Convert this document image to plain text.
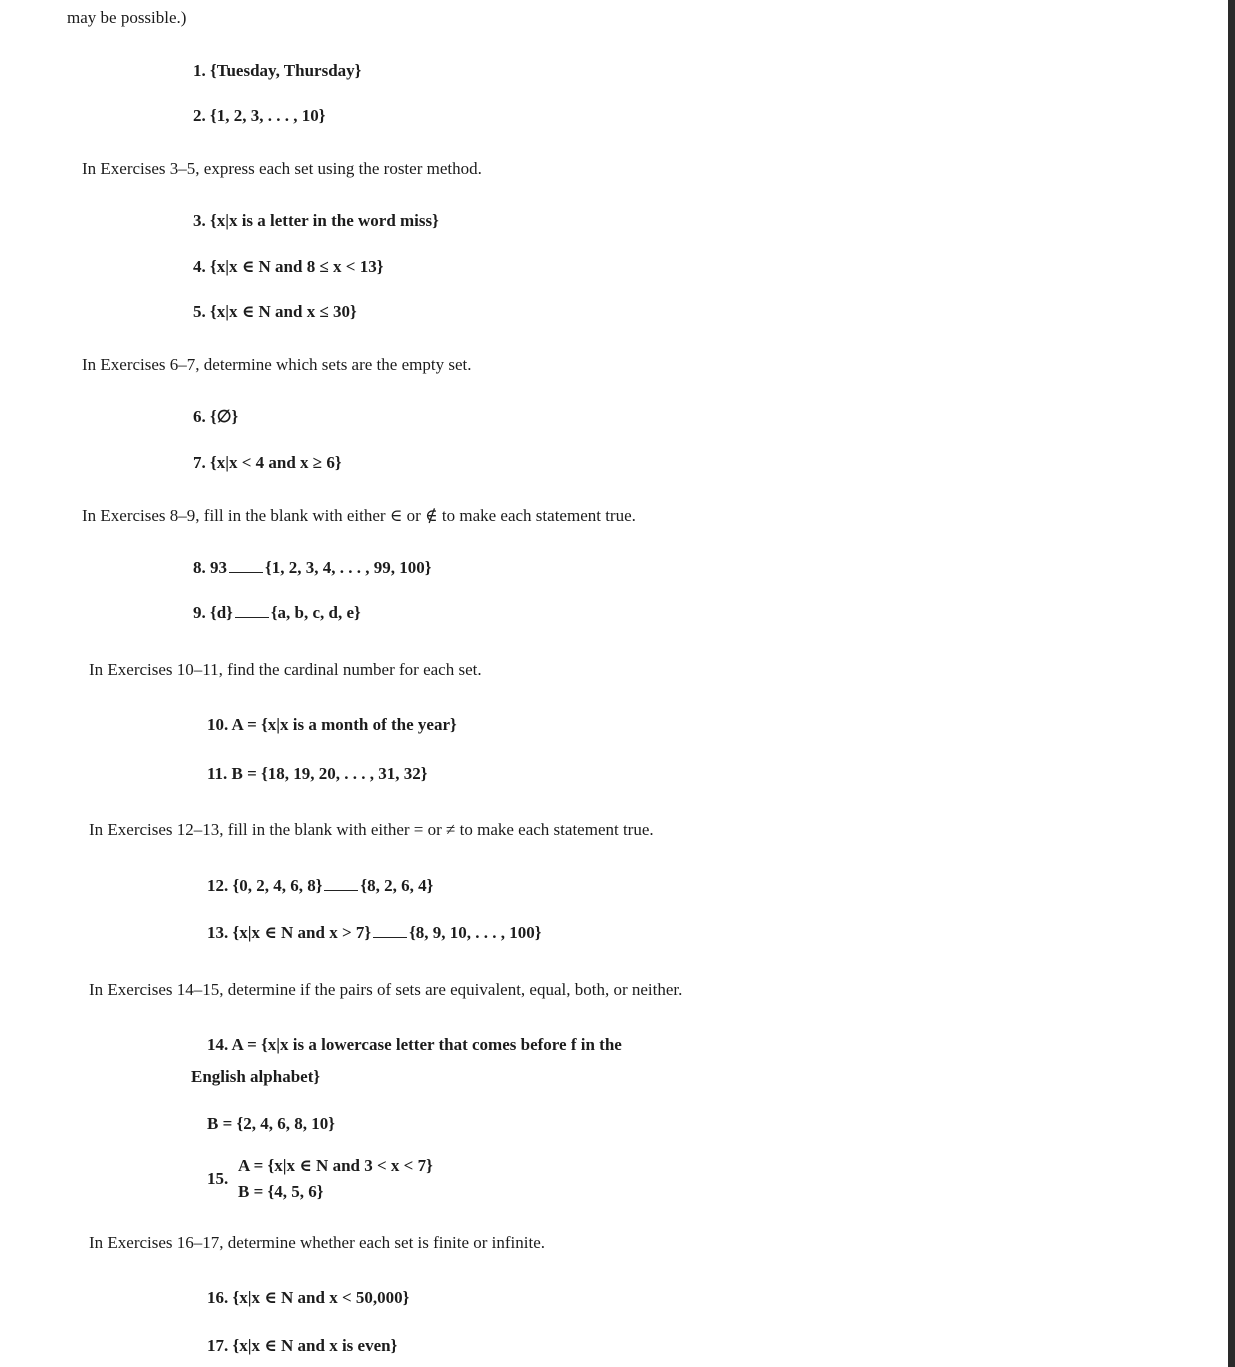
may be possible.)
1. {Tuesday, Thursday}
2. {1, 2, 3, . . . , 10}
In Exercises 3–5, express each set using the roster method.
3. {x|x is a letter in the word miss}
4. {x|x ∈ N and 8 ≤ x < 13}
5. {x|x ∈ N and x ≤ 30}
In Exercises 6–7, determine which sets are the empty set.
6. {∅}
7. {x|x < 4 and x ≥ 6}
In Exercises 8–9, fill in the blank with either ∈ or ∉ to make each statement true.
8. 93 {1, 2, 3, 4, . . . , 99, 100}
9. {d} {a, b, c, d, e}
In Exercises 10–11, find the cardinal number for each set.
10. A = {x|x is a month of the year}
11. B = {18, 19, 20, . . . , 31, 32}
In Exercises 12–13, fill in the blank with either = or ≠ to make each statement true.
12. {0, 2, 4, 6, 8} {8, 2, 6, 4}
13. {x|x ∈ N and x > 7} {8, 9, 10, . . . , 100}
In Exercises 14–15, determine if the pairs of sets are equivalent, equal, both, or neither.
14. A = {x|x is a lowercase letter that comes before f in the
English alphabet}
B = {2, 4, 6, 8, 10}
15.
A = {x|x ∈ N and 3 < x < 7}
B = {4, 5, 6}
In Exercises 16–17, determine whether each set is finite or infinite.
16. {x|x ∈ N and x < 50,000}
17. {x|x ∈ N and x is even}
